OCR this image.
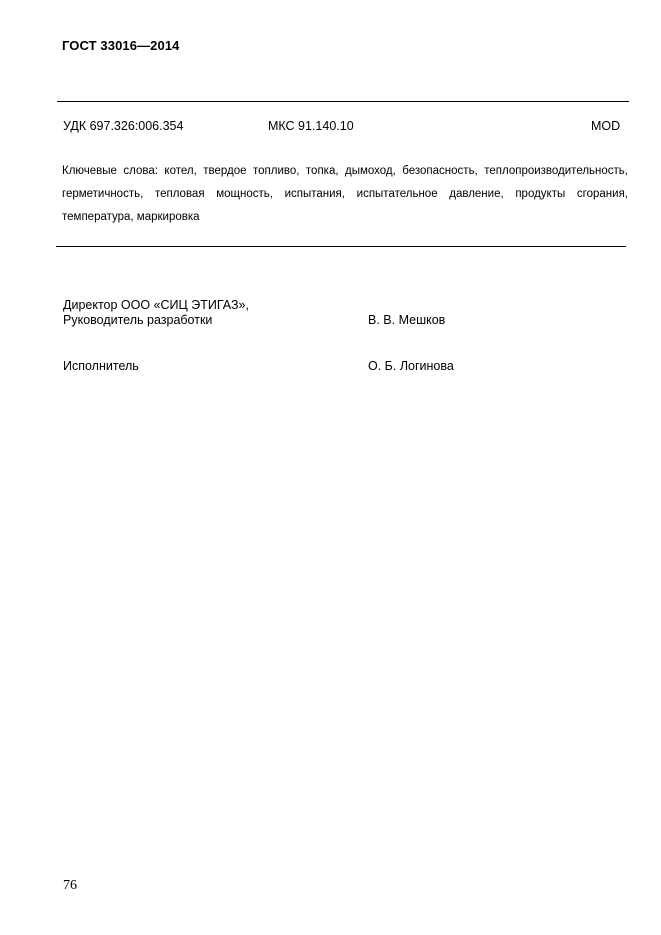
ГОСТ 33016—2014
УДК 697.326:006.354	МКС 91.140.10	MOD
Ключевые слова: котел, твердое топливо, топка, дымоход, безопасность, теплопроизводительность, герметичность, тепловая мощность, испытания, испытательное давление, продукты сгорания, температура, маркировка
Директор ООО «СИЦ ЭТИГАЗ»,
Руководитель разработки	В. В. Мешков
Исполнитель	О. Б. Логинова
76
